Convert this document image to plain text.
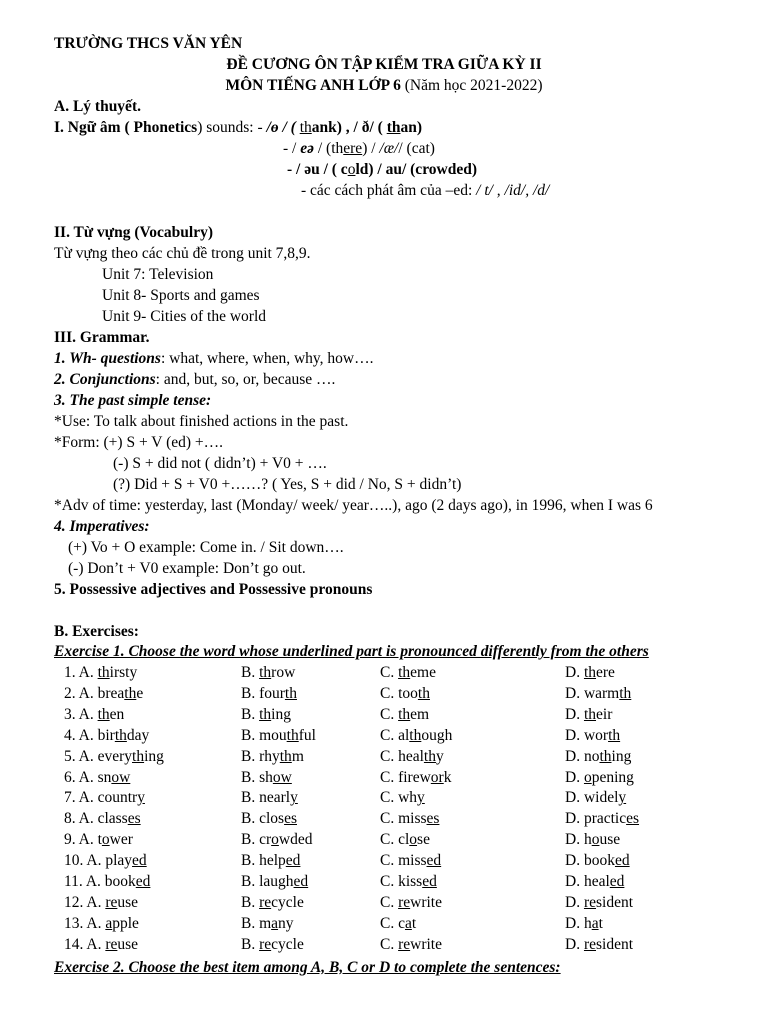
TRƯỜNG THCS VĂN YÊN
ĐỀ CƯƠNG ÔN TẬP KIỂM TRA GIỮA KỲ II
MÔN TIẾNG ANH LỚP 6 (Năm học 2021-2022)
A. Lý thuyết.
I. Ngữ âm ( Phonetics) sounds: - /ɵ / ( thank) , / ð/ ( than)
- / eə / (there) / /æ// (cat)
- / əu / ( cold) / au/ (crowded)
- các cách phát âm của –ed: / t/ , /id/, /d/
II. Từ vựng (Vocabulry)
Từ vựng theo các chủ đề trong unit 7,8,9.
Unit 7: Television
Unit 8- Sports and games
Unit 9- Cities of the world
III. Grammar.
1. Wh- questions: what, where, when, why, how….
2. Conjunctions: and, but, so, or, because ….
3. The past simple tense:
*Use: To talk about finished actions in the past.
*Form: (+) S + V (ed) +….
(-) S + did not ( didn’t) + V0 + ….
(?) Did + S + V0 +……? ( Yes, S + did / No, S + didn’t)
*Adv of time: yesterday, last (Monday/ week/ year…..), ago (2 days ago), in 1996, when I was 6
4. Imperatives:
(+) Vo + O example: Come in. / Sit down….
(-) Don’t + V0 example: Don’t go out.
5. Possessive adjectives and Possessive pronouns
B. Exercises:
Exercise 1. Choose the word whose underlined part is pronounced differently from the others
1. A. thirsty	B. throw	C. theme	D. there
2. A. breathe	B. fourth	C. tooth	D. warmth
3. A. then	B. thing	C. them	D. their
4. A. birthday	B. mouthful	C. although	D. worth
5. A. everything	B. rhythm	C. healthy	D. nothing
6. A. snow	B. show	C. firework	D. opening
7. A. country	B. nearly	C. why	D. widely
8. A. classes	B. closes	C. misses	D. practices
9. A. tower	B. crowded	C. close	D. house
10. A. played	B. helped	C. missed	D. booked
11. A. booked	B. laughed	C. kissed	D. healed
12. A. reuse	B. recycle	C. rewrite	D. resident
13. A. apple	B. many	C. cat	D. hat
14. A. reuse	B. recycle	C. rewrite	D. resident
Exercise 2. Choose the best item among A, B, C or D to complete the sentences:
